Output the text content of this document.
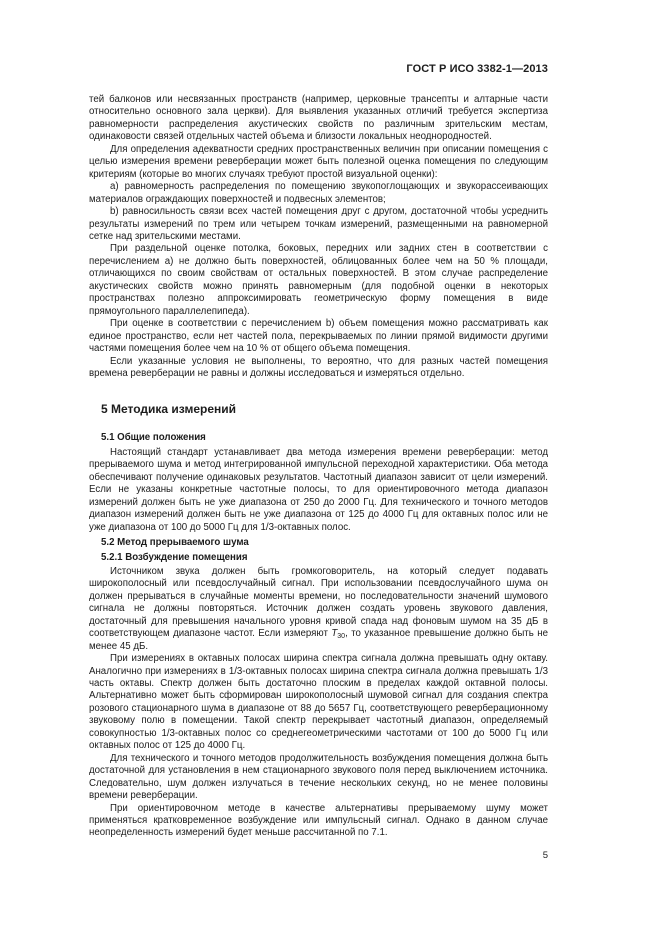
ГОСТ Р ИСО 3382-1—2013

тей балконов или несвязанных пространств (например, церковные трансепты и алтарные части относительно основного зала церкви). Для выявления указанных отличий требуется экспертиза равномерности распределения акустических свойств по различным зрительским местам, одинаковости связей отдельных частей объема и близости локальных неоднородностей.

Для определения адекватности средних пространственных величин при описании помещения с целью измерения времени реверберации может быть полезной оценка помещения по следующим критериям (которые во многих случаях требуют простой визуальной оценки):

a) равномерность распределения по помещению звукопоглощающих и звукорассеивающих материалов ограждающих поверхностей и подвесных элементов;

b) равносильность связи всех частей помещения друг с другом, достаточной чтобы усреднить результаты измерений по трем или четырем точкам измерений, размещенными на равномерной сетке над зрительскими местами.

При раздельной оценке потолка, боковых, передних или задних стен в соответствии с перечислением а) не должно быть поверхностей, облицованных более чем на 50 % площади, отличающихся по своим свойствам от остальных поверхностей. В этом случае распределение акустических свойств можно принять равномерным (для подобной оценки в некоторых пространствах полезно аппроксимировать геометрическую форму помещения в виде прямоугольного параллелепипеда).

При оценке в соответствии с перечислением b) объем помещения можно рассматривать как единое пространство, если нет частей пола, перекрываемых по линии прямой видимости другими частями помещения более чем на 10 % от общего объема помещения.

Если указанные условия не выполнены, то вероятно, что для разных частей помещения времена реверберации не равны и должны исследоваться и измеряться отдельно.

5 Методика измерений
5.1 Общие положения

Настоящий стандарт устанавливает два метода измерения времени реверберации: метод прерываемого шума и метод интегрированной импульсной переходной характеристики. Оба метода обеспечивают получение одинаковых результатов. Частотный диапазон зависит от цели измерений. Если не указаны конкретные частотные полосы, то для ориентировочного метода диапазон измерений должен быть не уже диапазона от 250 до 2000 Гц. Для технического и точного методов диапазон измерений должен быть не уже диапазона от 125 до 4000 Гц для октавных полос или не уже диапазона от 100 до 5000 Гц для 1/3-октавных полос.

5.2 Метод прерываемого шума
5.2.1 Возбуждение помещения

Источником звука должен быть громкоговоритель, на который следует подавать широкополосный или псевдослучайный сигнал. При использовании псевдослучайного шума он должен прерываться в случайные моменты времени, но последовательности значений шумового сигнала не должны повторяться. Источник должен создать уровень звукового давления, достаточный для превышения начального уровня кривой спада над фоновым шумом на 35 дБ в соответствующем диапазоне частот. Если измеряют $T_{30}$, то указанное превышение должно быть не менее 45 дБ.

При измерениях в октавных полосах ширина спектра сигнала должна превышать одну октаву. Аналогично при измерениях в 1/3-октавных полосах ширина спектра сигнала должна превышать 1/3 часть октавы. Спектр должен быть достаточно плоским в пределах каждой октавной полосы. Альтернативно может быть сформирован широкополосный шумовой сигнал для создания спектра розового стационарного шума в диапазоне от 88 до 5657 Гц, соответствующего реверберационному звуковому полю в помещении. Такой спектр перекрывает частотный диапазон, определяемый совокупностью 1/3-октавных полос со среднегеометрическими частотами от 100 до 5000 Гц или октавных полос от 125 до 4000 Гц.

Для технического и точного методов продолжительность возбуждения помещения должна быть достаточной для установления в нем стационарного звукового поля перед выключением источника. Следовательно, шум должен излучаться в течение нескольких секунд, но не менее половины времени реверберации.

При ориентировочном методе в качестве альтернативы прерываемому шуму может применяться кратковременное возбуждение или импульсный сигнал. Однако в данном случае неопределенность измерений будет меньше рассчитанной по 7.1.

5
